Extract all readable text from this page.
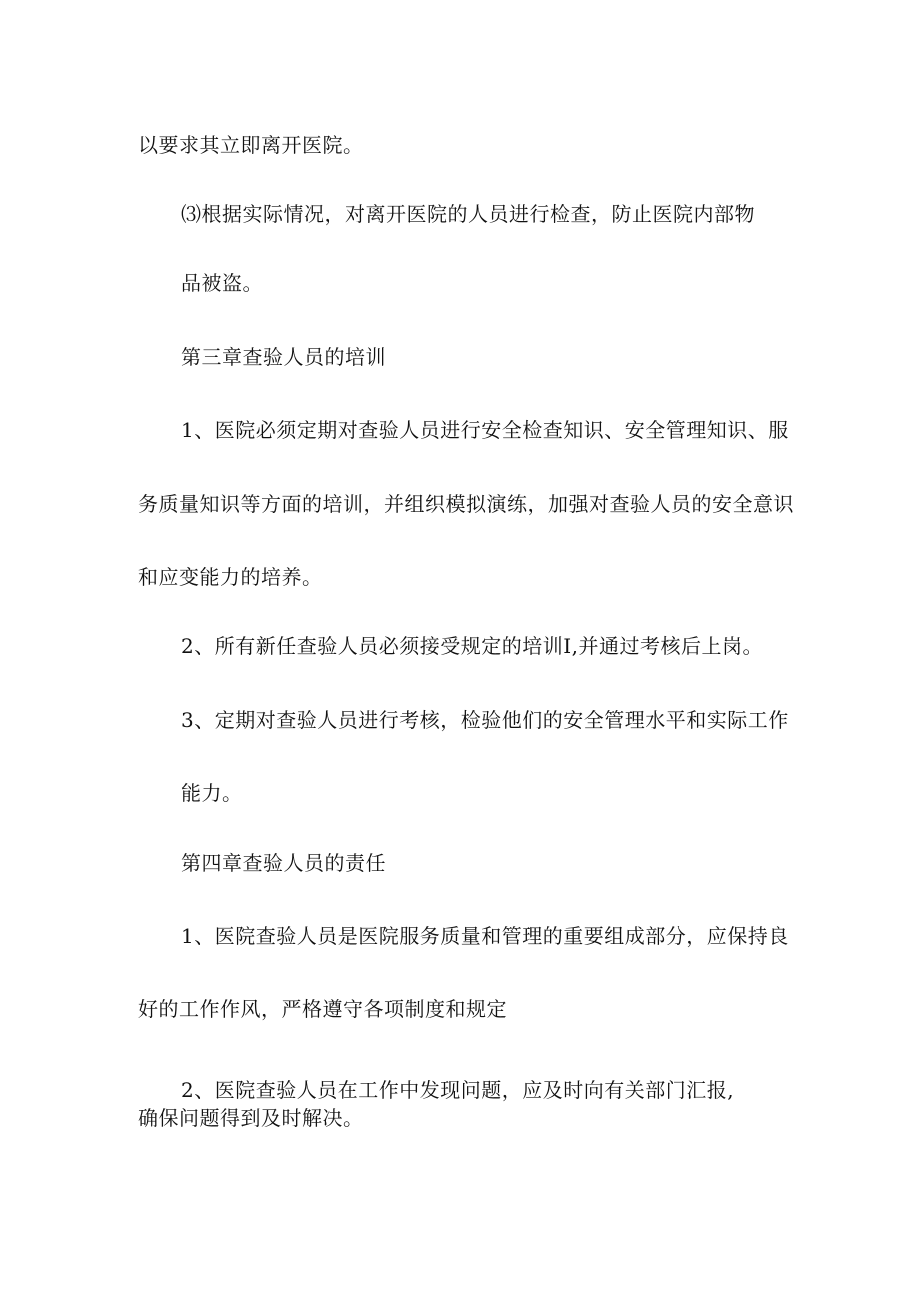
以要求其立即离开医院。
⑶根据实际情况，对离开医院的人员进行检查，防止医院内部物
品被盗。
第三章查验人员的培训
1、医院必须定期对查验人员进行安全检查知识、安全管理知识、服
务质量知识等方面的培训，并组织模拟演练，加强对查验人员的安全意识
和应变能力的培养。
2、所有新任查验人员必须接受规定的培训I,并通过考核后上岗。
3、定期对查验人员进行考核，检验他们的安全管理水平和实际工作
能力。
第四章查验人员的责任
1、医院查验人员是医院服务质量和管理的重要组成部分，应保持良
好的工作作风，严格遵守各项制度和规定
2、医院查验人员在工作中发现问题，应及时向有关部门汇报,
确保问题得到及时解决。
